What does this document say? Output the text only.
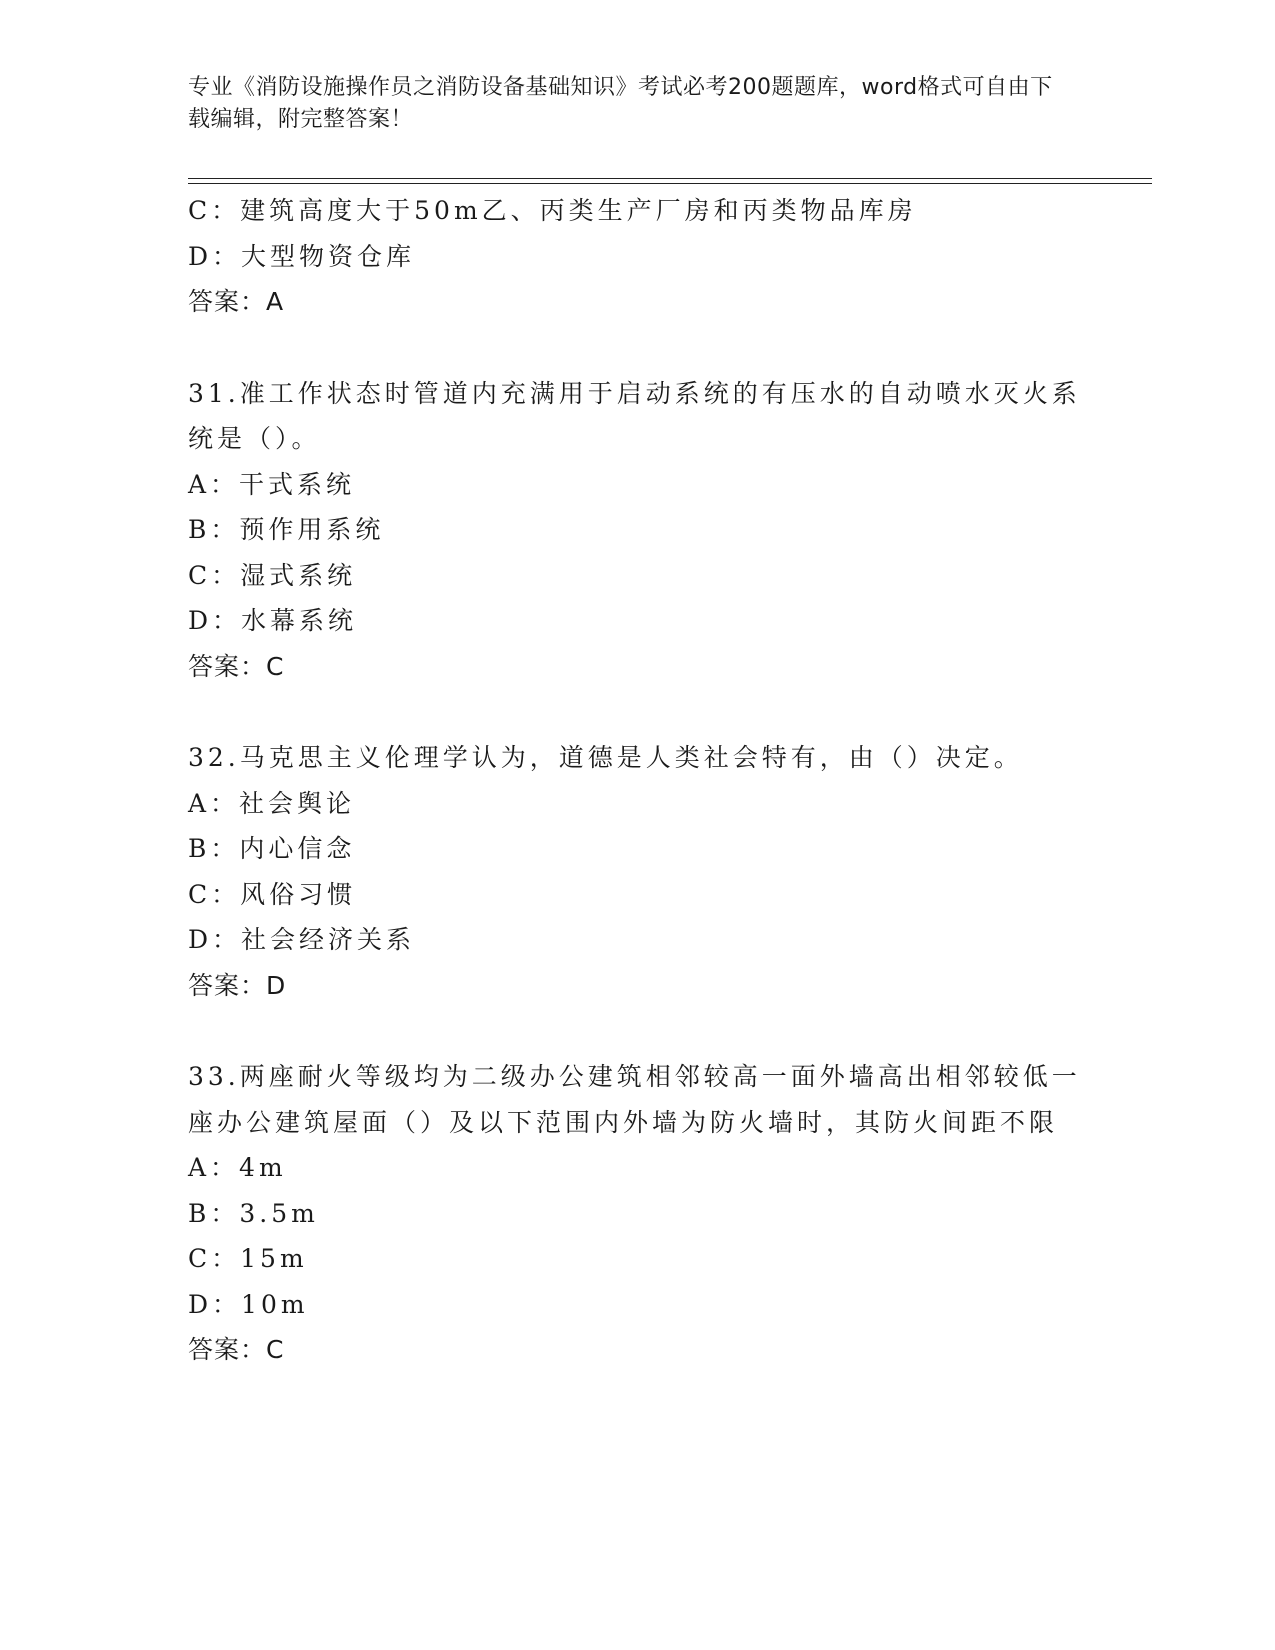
专业《消防设施操作员之消防设备基础知识》考试必考200题题库，word格式可自由下载编辑，附完整答案！
C：建筑高度大于50m乙、丙类生产厂房和丙类物品库房
D：大型物资仓库
答案：A
31.准工作状态时管道内充满用于启动系统的有压水的自动喷水灭火系
统是（）。
A：干式系统
B：预作用系统
C：湿式系统
D：水幕系统
答案：C
32.马克思主义伦理学认为，道德是人类社会特有，由（）决定。
A：社会舆论
B：内心信念
C：风俗习惯
D：社会经济关系
答案：D
33.两座耐火等级均为二级办公建筑相邻较高一面外墙高出相邻较低一
座办公建筑屋面（）及以下范围内外墙为防火墙时，其防火间距不限
A：4m
B：3.5m
C：15m
D：10m
答案：C
